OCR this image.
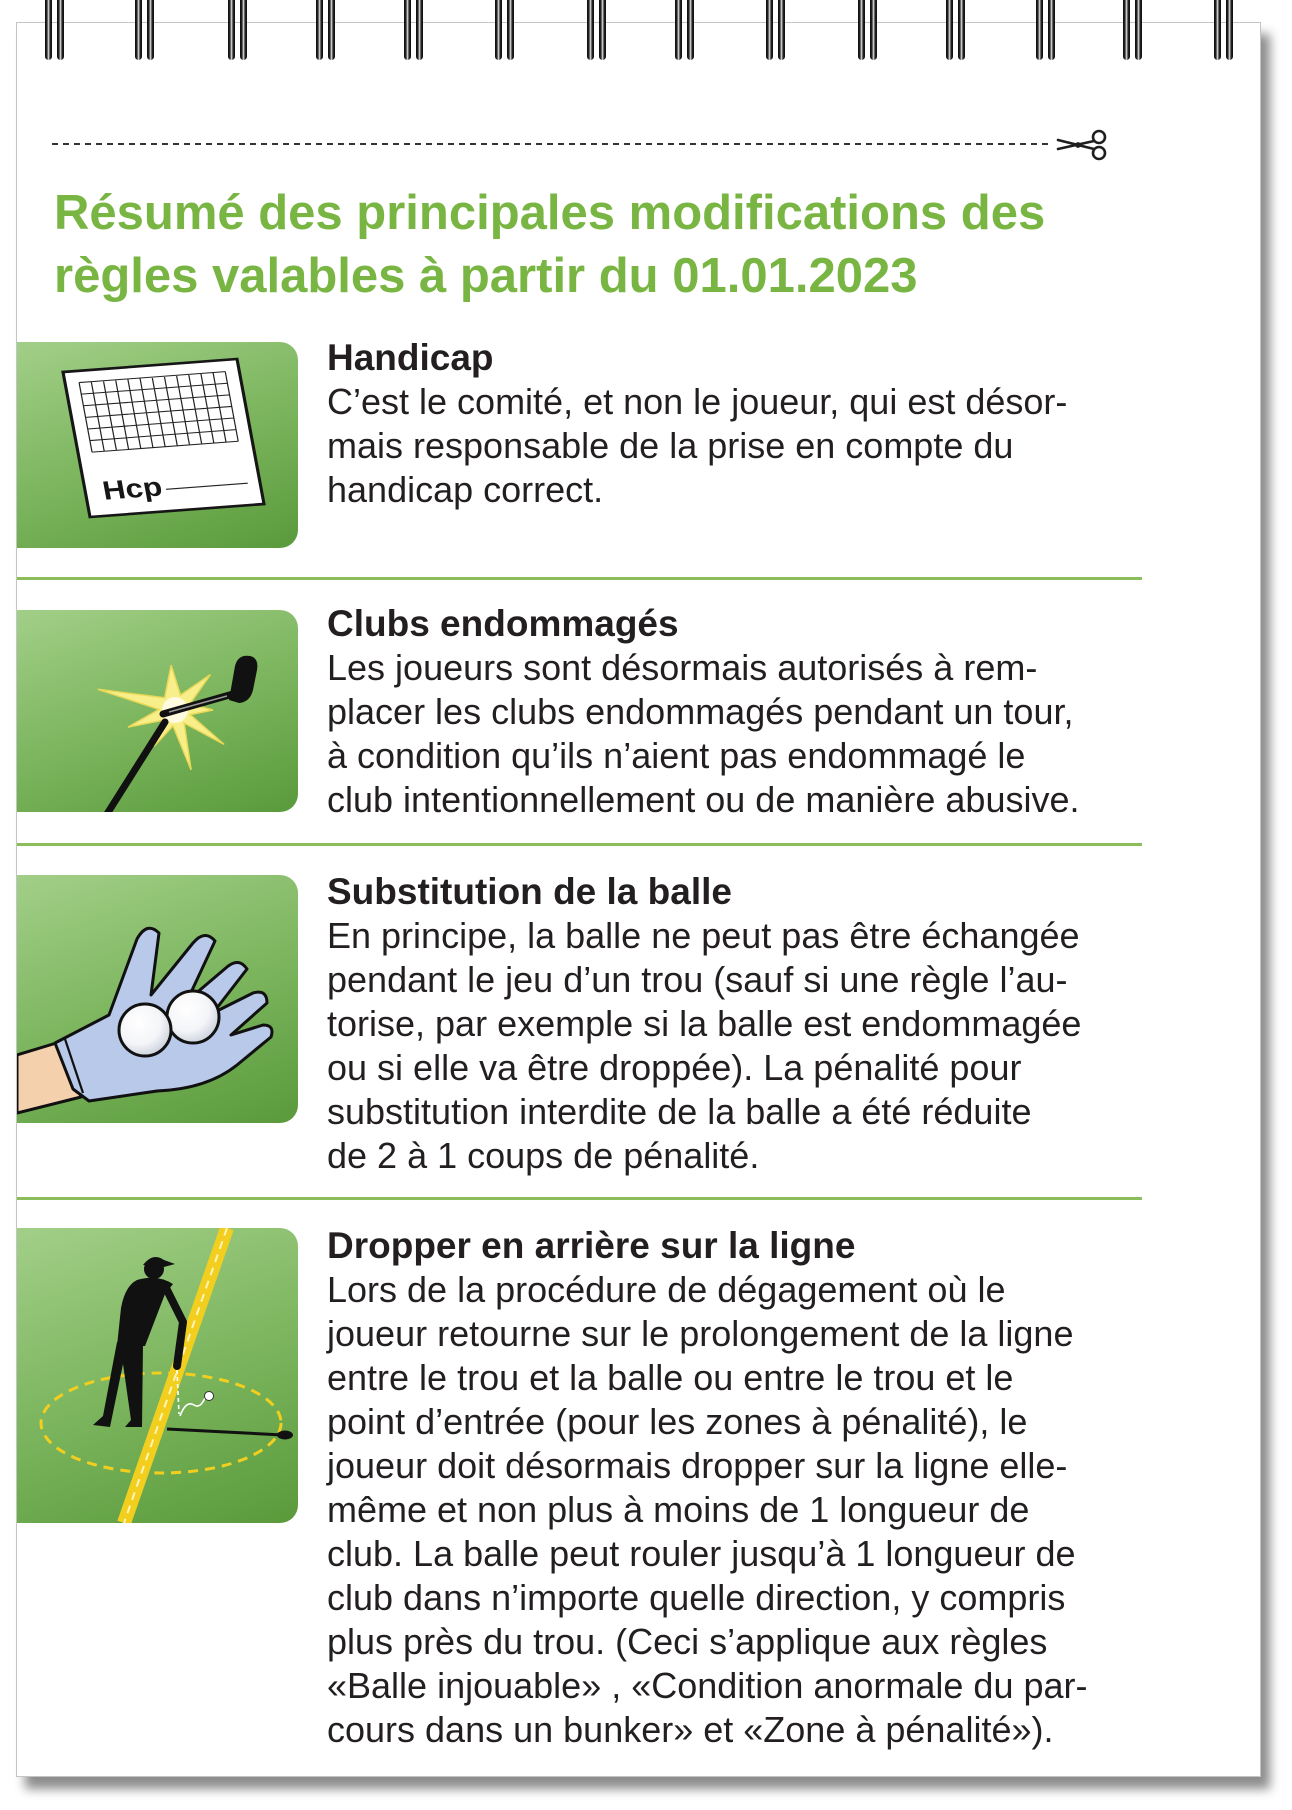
Résumé des principales modifications des
règles valables à partir du 01.01.2023
Hcp
Handicap
C’est le comité, et non le joueur, qui est désor-
mais responsable de la prise en compte du
handicap correct.
Clubs endommagés
Les joueurs sont désormais autorisés à rem-
placer les clubs endommagés pendant un tour,
à condition qu’ils n’aient pas endommagé le
club intentionnellement ou de manière abusive.
Substitution de la balle
En principe, la balle ne peut pas être échangée
pendant le jeu d’un trou (sauf si une règle l’au-
torise, par exemple si la balle est endommagée
ou si elle va être droppée). La pénalité pour
substitution interdite de la balle a été réduite
de 2 à 1 coups de pénalité.
Dropper en arrière sur la ligne
Lors de la procédure de dégagement où le
joueur retourne sur le prolongement de la ligne
entre le trou et la balle ou entre le trou et le
point d’entrée (pour les zones à pénalité), le
joueur doit désormais dropper sur la ligne elle-
même et non plus à moins de 1 longueur de
club. La balle peut rouler jusqu’à 1 longueur de
club dans n’importe quelle direction, y compris
plus près du trou. (Ceci s’applique aux règles
«Balle injouable» , «Condition anormale du par-
cours dans un bunker» et «Zone à pénalité»).
